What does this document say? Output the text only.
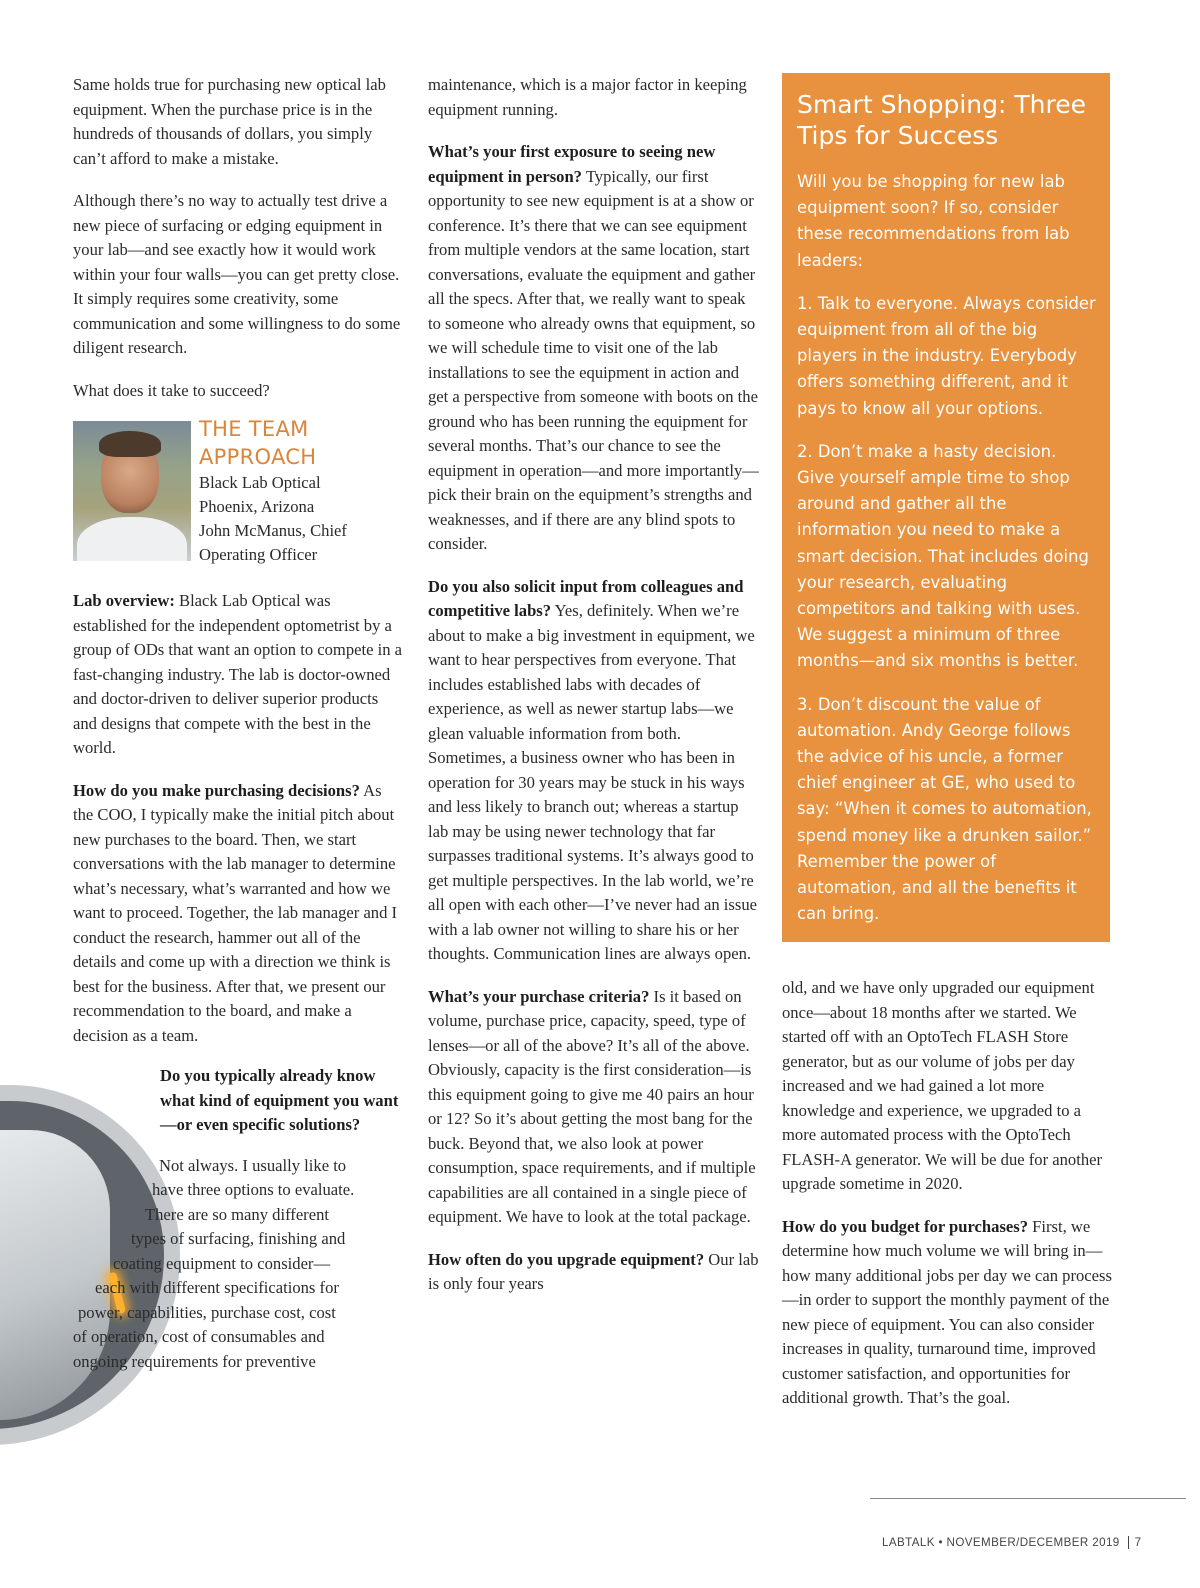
Same holds true for purchasing new optical lab equipment. When the purchase price is in the hundreds of thousands of dollars, you simply can’t afford to make a mistake.

Although there’s no way to actually test drive a new piece of surfacing or edging equipment in your lab—and see exactly how it would work within your four walls—you can get pretty close. It simply requires some creativity, some communication and some willingness to do some diligent research.

What does it take to succeed?

THE TEAM
APPROACH
Black Lab Optical
Phoenix, Arizona
John McManus, Chief Operating Officer

Lab overview: Black Lab Optical was established for the independent optometrist by a group of ODs that want an option to compete in a fast-changing industry. The lab is doctor-owned and doctor-driven to deliver superior products and designs that compete with the best in the world.

How do you make purchasing decisions? As the COO, I typically make the initial pitch about new purchases to the board. Then, we start conversations with the lab manager to determine what’s necessary, what’s warranted and how we want to proceed. Together, the lab manager and I conduct the research, hammer out all of the details and come up with a direction we think is best for the business. After that, we present our recommendation to the board, and make a decision as a team.

Do you typically already know what kind of equipment you want—or even specific solutions?

Not always. I usually like to

have three options to evaluate.

There are so many different

types of surfacing, finishing and

coating equipment to consider—

each with different specifications for

power, capabilities, purchase cost, cost

of operation, cost of consumables and

ongoing requirements for preventive

maintenance, which is a major factor in keeping equipment running.

What’s your first exposure to seeing new equipment in person? Typically, our first opportunity to see new equipment is at a show or conference. It’s there that we can see equipment from multiple vendors at the same location, start conversations, evaluate the equipment and gather all the specs. After that, we really want to speak to someone who already owns that equipment, so we will schedule time to visit one of the lab installations to see the equipment in action and get a perspective from someone with boots on the ground who has been running the equipment for several months. That’s our chance to see the equipment in operation—and more importantly—pick their brain on the equipment’s strengths and weaknesses, and if there are any blind spots to consider.

Do you also solicit input from colleagues and competitive labs? Yes, definitely. When we’re about to make a big investment in equipment, we want to hear perspectives from everyone. That includes established labs with decades of experience, as well as newer startup labs—we glean valuable information from both. Sometimes, a business owner who has been in operation for 30 years may be stuck in his ways and less likely to branch out; whereas a startup lab may be using newer technology that far surpasses traditional systems. It’s always good to get multiple perspectives. In the lab world, we’re all open with each other—I’ve never had an issue with a lab owner not willing to share his or her thoughts. Communication lines are always open.

What’s your purchase criteria? Is it based on volume, purchase price, capacity, speed, type of lenses—or all of the above? It’s all of the above. Obviously, capacity is the first consideration—is this equipment going to give me 40 pairs an hour or 12? So it’s about getting the most bang for the buck. Beyond that, we also look at power consumption, space requirements, and if multiple capabilities are all contained in a single piece of equipment. We have to look at the total package.

How often do you upgrade equipment? Our lab is only four years

Smart Shopping: Three Tips for Success

Will you be shopping for new lab equipment soon? If so, consider these recommendations from lab leaders:

1. Talk to everyone. Always consider equipment from all of the big players in the industry. Everybody offers something different, and it pays to know all your options.

2. Don’t make a hasty decision. Give yourself ample time to shop around and gather all the information you need to make a smart decision. That includes doing your research, evaluating competitors and talking with uses. We suggest a minimum of three months—and six months is better.

3. Don’t discount the value of automation. Andy George follows the advice of his uncle, a former chief engineer at GE, who used to say: “When it comes to automation, spend money like a drunken sailor.” Remember the power of automation, and all the benefits it can bring.

old, and we have only upgraded our equipment once—about 18 months after we started. We started off with an OptoTech FLASH Store generator, but as our volume of jobs per day increased and we had gained a lot more knowledge and experience, we upgraded to a more automated process with the OptoTech FLASH-A generator. We will be due for another upgrade sometime in 2020.

How do you budget for purchases? First, we determine how much volume we will bring in—how many additional jobs per day we can process—in order to support the monthly payment of the new piece of equipment. You can also consider increases in quality, turnaround time, improved customer satisfaction, and opportunities for additional growth. That’s the goal.

LABTALK • NOVEMBER/DECEMBER 2019 7
